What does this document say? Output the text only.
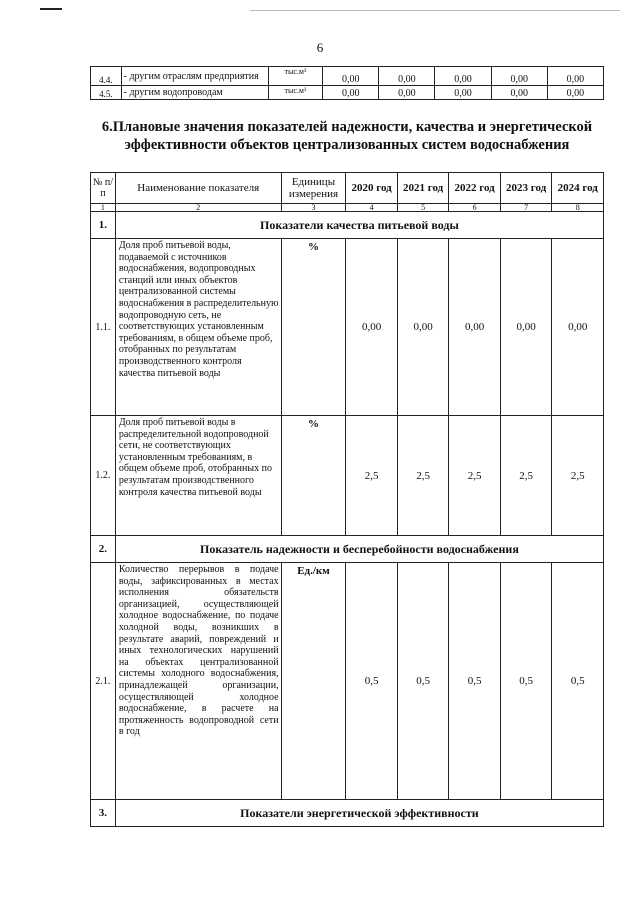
6
4.4.	- другим отраслям предприятия	тыс.м³	0,00	0,00	0,00	0,00	0,00
4.5.	- другим водопроводам	тыс.м³	0,00	0,00	0,00	0,00	0,00
6.Плановые значения показателей надежности, качества и энергетической эффективности объектов централизованных систем водоснабжения
№ п/п	Наименование показателя	Единицы измерения	2020 год	2021 год	2022 год	2023 год	2024 год
1	2	3	4	5	6	7	8
1.	Показатели качества питьевой воды						
1.1.	Доля проб питьевой воды, подаваемой с источников водоснабжения, водопроводных станций или иных объектов централизованной системы водоснабжения в распределительную водопроводную сеть, не соответствующих установленным требованиям, в общем объеме проб, отобранных по результатам производственного контроля качества питьевой воды	%	0,00	0,00	0,00	0,00	0,00
1.2.	Доля проб питьевой воды в распределительной водопроводной сети, не соответствующих установленным требованиям, в общем объеме проб, отобранных по результатам производственного контроля качества питьевой воды	%	2,5	2,5	2,5	2,5	2,5
2.	Показатель надежности и бесперебойности водоснабжения						
2.1.	Количество перерывов в подаче воды, зафиксированных в местах исполнения обязательств организацией, осуществляющей холодное водоснабжение, по подаче холодной воды, возникших в результате аварий, повреждений и иных технологических нарушений на объектах централизованной системы холодного водоснабжения, принадлежащей организации, осуществляющей холодное водоснабжение, в расчете на протяженность водопроводной сети в год	Ед./км	0,5	0,5	0,5	0,5	0,5
3.	Показатели энергетической эффективности						
